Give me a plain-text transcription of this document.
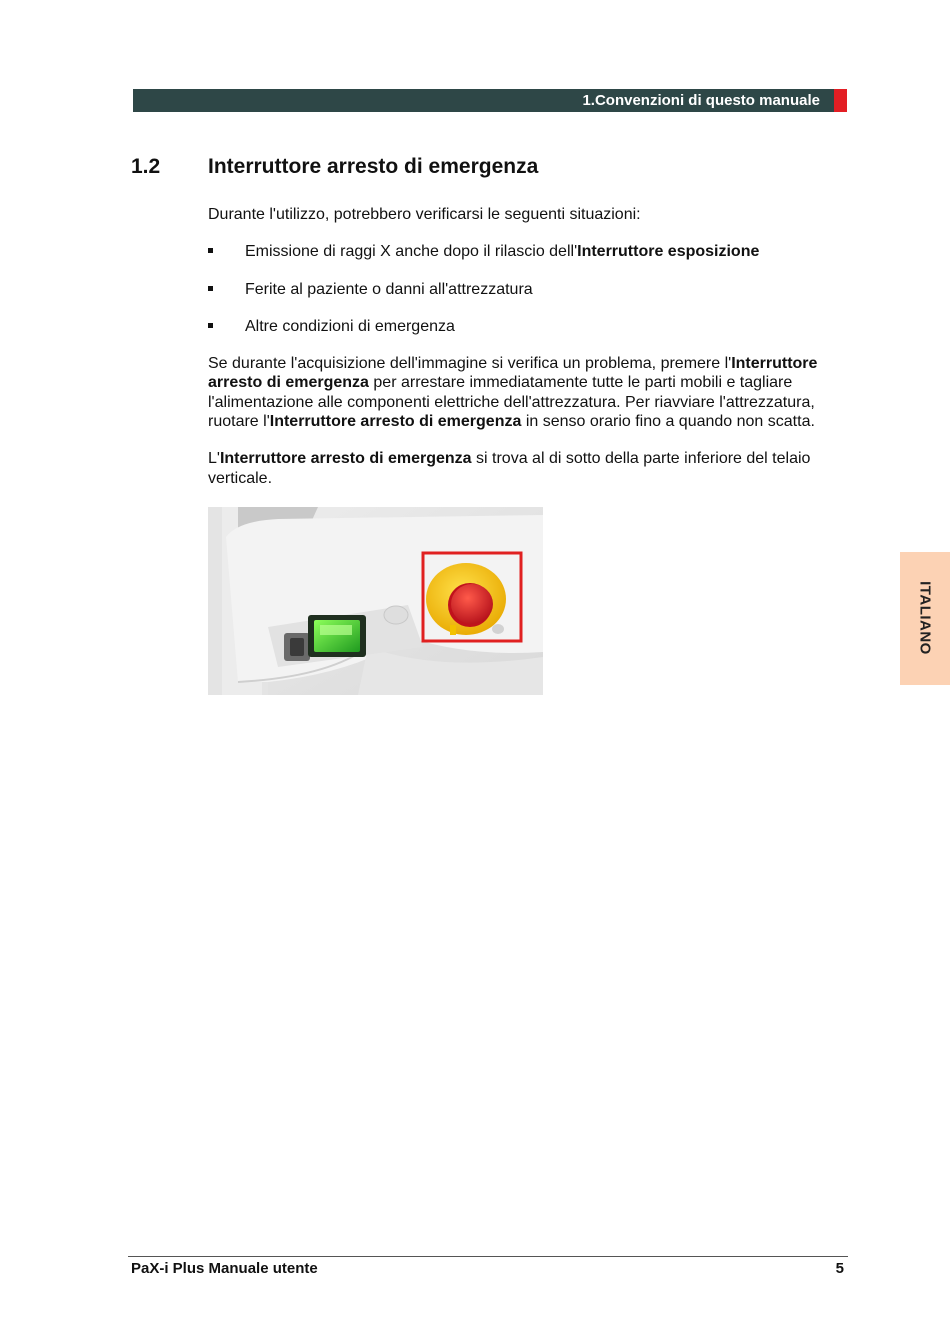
1.Convenzioni di questo manuale
1.2 Interruttore arresto di emergenza

Durante l'utilizzo, potrebbero verificarsi le seguenti situazioni:

Emissione di raggi X anche dopo il rilascio dell'Interruttore esposizione
Ferite al paziente o danni all'attrezzatura
Altre condizioni di emergenza

Se durante l'acquisizione dell'immagine si verifica un problema, premere l'Interruttore arresto di emergenza per arrestare immediatamente tutte le parti mobili e tagliare l'alimentazione alle componenti elettriche dell'attrezzatura. Per riavviare l'attrezzatura, ruotare l'Interruttore arresto di emergenza in senso orario fino a quando non scatta.

L'Interruttore arresto di emergenza si trova al di sotto della parte inferiore del telaio verticale.

ITALIANO
PaX-i Plus Manuale utente	5
